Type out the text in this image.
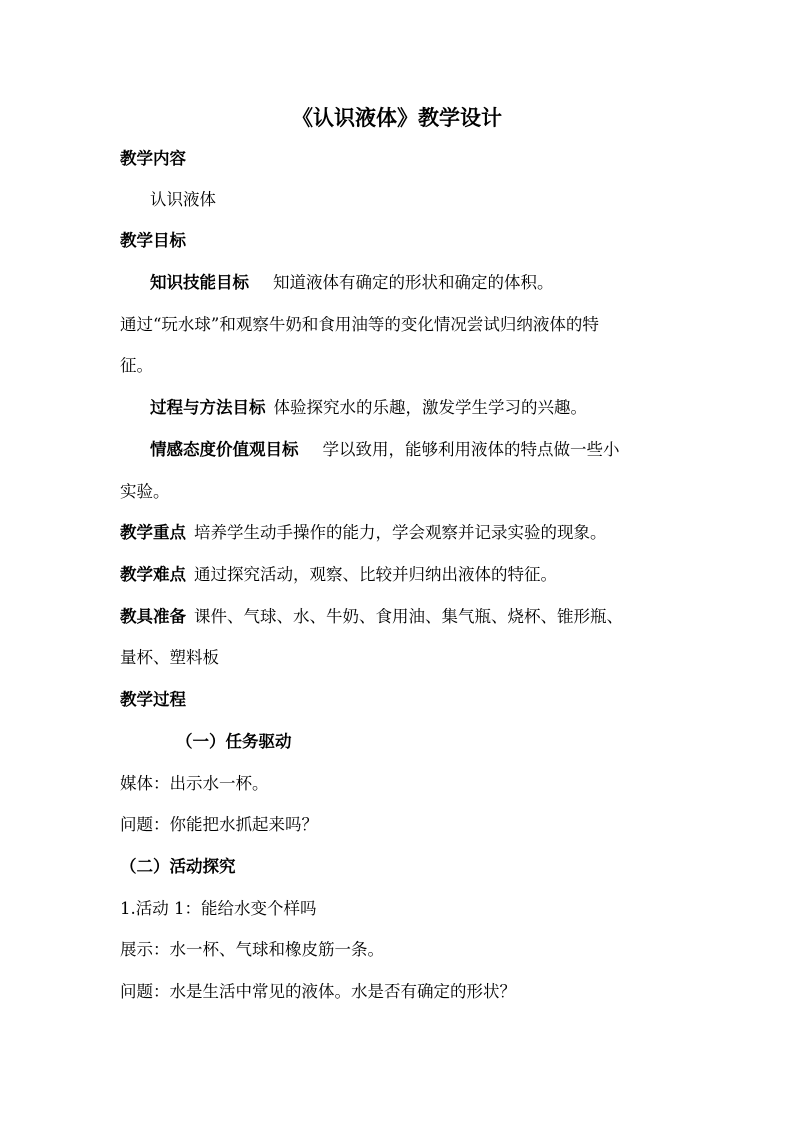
《认识液体》教学设计
教学内容
认识液体
教学目标
知识技能目标 知道液体有确定的形状和确定的体积。
通过“玩水球”和观察牛奶和食用油等的变化情况尝试归纳液体的特
征。
过程与方法目标 体验探究水的乐趣，激发学生学习的兴趣。
情感态度价值观目标 学以致用，能够利用液体的特点做一些小
实验。
教学重点 培养学生动手操作的能力，学会观察并记录实验的现象。
教学难点 通过探究活动，观察、比较并归纳出液体的特征。
教具准备 课件、气球、水、牛奶、食用油、集气瓶、烧杯、锥形瓶、
量杯、塑料板
教学过程
（一）任务驱动
媒体：出示水一杯。
问题：你能把水抓起来吗？
（二）活动探究
1.活动 1：能给水变个样吗
展示：水一杯、气球和橡皮筋一条。
问题：水是生活中常见的液体。水是否有确定的形状？
